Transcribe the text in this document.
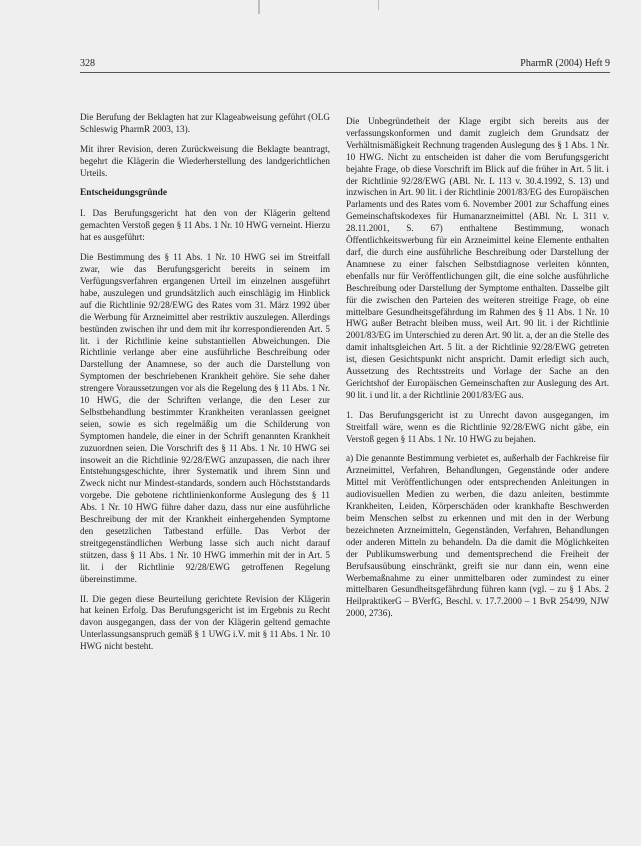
328	PharmR (2004) Heft 9

Die Berufung der Beklagten hat zur Klageabweisung geführt (OLG Schleswig PharmR 2003, 13).

Mit ihrer Revision, deren Zurückweisung die Beklagte beantragt, begehrt die Klägerin die Wiederherstellung des landgerichtlichen Urteils.

Entscheidungsgründe

I. Das Berufungsgericht hat den von der Klägerin geltend gemachten Verstoß gegen § 11 Abs. 1 Nr. 10 HWG verneint. Hierzu hat es ausgeführt:

Die Bestimmung des § 11 Abs. 1 Nr. 10 HWG sei im Streitfall zwar, wie das Berufungsgericht bereits in seinem im Verfügungsverfahren ergangenen Urteil im einzelnen ausgeführt habe, auszulegen und grundsätzlich auch einschlägig im Hinblick auf die Richtlinie 92/28/EWG des Rates vom 31. März 1992 über die Werbung für Arzneimittel aber restriktiv auszulegen. Allerdings bestünden zwischen ihr und dem mit ihr korrespondierenden Art. 5 lit. i der Richtlinie keine substantiellen Abweichungen. Die Richtlinie verlange aber eine ausführliche Beschreibung oder Darstellung der Anamnese, so der auch die Darstellung von Symptomen der beschriebenen Krankheit gehöre. Sie sehe daher strengere Voraussetzungen vor als die Regelung des § 11 Abs. 1 Nr. 10 HWG, die der Schriften verlange, die den Leser zur Selbstbehandlung bestimmter Krankheiten veranlassen geeignet seien, sowie es sich regelmäßig um die Schilderung von Symptomen handele, die einer in der Schrift genannten Krankheit zuzuordnen seien. Die Vorschrift des § 11 Abs. 1 Nr. 10 HWG sei insoweit an die Richtlinie 92/28/EWG anzupassen, die nach ihrer Entstehungsgeschichte, ihrer Systematik und ihrem Sinn und Zweck nicht nur Mindest-standards, sondern auch Höchststandards vorgebe. Die gebotene richtlinienkonforme Auslegung des § 11 Abs. 1 Nr. 10 HWG führe daher dazu, dass nur eine ausführliche Beschreibung der mit der Krankheit einhergehenden Symptome den gesetzlichen Tatbestand erfülle. Das Verbot der streitgegenständlichen Werbung lasse sich auch nicht darauf stützen, dass § 11 Abs. 1 Nr. 10 HWG immerhin mit der in Art. 5 lit. i der Richtlinie 92/28/EWG getroffenen Regelung übereinstimme.

II. Die gegen diese Beurteilung gerichtete Revision der Klägerin hat keinen Erfolg. Das Berufungsgericht ist im Ergebnis zu Recht davon ausgegangen, dass der von der Klägerin geltend gemachte Unterlassungsanspruch gemäß § 1 UWG i.V. mit § 11 Abs. 1 Nr. 10 HWG nicht besteht.

Die Unbegründetheit der Klage ergibt sich bereits aus der verfassungskonformen und damit zugleich dem Grundsatz der Verhältnismäßigkeit Rechnung tragenden Auslegung des § 1 Abs. 1 Nr. 10 HWG. Nicht zu entscheiden ist daher die vom Berufungsgericht bejahte Frage, ob diese Vorschrift im Blick auf die früher in Art. 5 lit. i der Richtlinie 92/28/EWG (ABl. Nr. L 113 v. 30.4.1992, S. 13) und inzwischen in Art. 90 lit. i der Richtlinie 2001/83/EG des Europäischen Parlaments und des Rates vom 6. November 2001 zur Schaffung eines Gemeinschaftskodexes für Humanarzneimittel (ABl. Nr. L 311 v. 28.11.2001, S. 67) enthaltene Bestimmung, wonach Öffentlichkeitswerbung für ein Arzneimittel keine Elemente enthalten darf, die durch eine ausführliche Beschreibung oder Darstellung der Anamnese zu einer falschen Selbstdiagnose verleiten könnten, ebenfalls nur für Veröffentlichungen gilt, die eine solche ausführliche Beschreibung oder Darstellung der Symptome enthalten. Dasselbe gilt für die zwischen den Parteien des weiteren streitige Frage, ob eine mittelbare Gesundheitsgefährdung im Rahmen des § 11 Abs. 1 Nr. 10 HWG außer Betracht bleiben muss, weil Art. 90 lit. i der Richtlinie 2001/83/EG im Unterschied zu deren Art. 90 lit. a, der an die Stelle des damit inhaltsgleichen Art. 5 lit. a der Richtlinie 92/28/EWG getreten ist, diesen Gesichtspunkt nicht anspricht. Damit erledigt sich auch, Aussetzung des Rechtsstreits und Vorlage der Sache an den Gerichtshof der Europäischen Gemeinschaften zur Auslegung des Art. 90 lit. i und lit. a der Richtlinie 2001/83/EG aus.

1. Das Berufungsgericht ist zu Unrecht davon ausgegangen, im Streitfall wäre, wenn es die Richtlinie 92/28/EWG nicht gäbe, ein Verstoß gegen § 11 Abs. 1 Nr. 10 HWG zu bejahen.

a) Die genannte Bestimmung verbietet es, außerhalb der Fachkreise für Arzneimittel, Verfahren, Behandlungen, Gegenstände oder andere Mittel mit Veröffentlichungen oder entsprechenden Anleitungen in audiovisuellen Medien zu werben, die dazu anleiten, bestimmte Krankheiten, Leiden, Körperschäden oder krankhafte Beschwerden beim Menschen selbst zu erkennen und mit den in der Werbung bezeichneten Arzneimitteln, Gegenständen, Verfahren, Behandlungen oder anderen Mitteln zu behandeln. Da die damit die Möglichkeiten der Publikumswerbung und dementsprechend die Freiheit der Berufsausübung einschränkt, greift sie nur dann ein, wenn eine Werbemaßnahme zu einer unmittelbaren oder zumindest zu einer mittelbaren Gesundheitsgefährdung führen kann (vgl. – zu § 1 Abs. 2 HeilpraktikerG – BVerfG, Beschl. v. 17.7.2000 – 1 BvR 254/99, NJW 2000, 2736).
